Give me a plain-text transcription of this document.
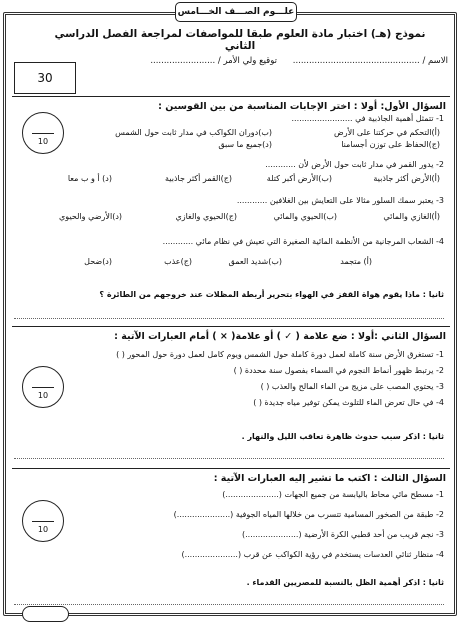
علـــوم الصـــف الخـــامس
نموذج (هـ) اختبار مادة العلوم طبقا للمواصفات لمراجعة الفصل الدراسي الثاني
الاسم / ...............................................
توقيع ولي الأمر / ........................
30
السؤال الأول: أولا : اختر الإجابات المناسبة من بين القوسين :
10
1- تتمثل أهمية الجاذبية في ........................
(أ)التحكم في حركتنا على الأرض
(ب)دوران الكواكب في مدار ثابت حول الشمس
(ج)الحفاظ على توزن أجسامنا
(د)جميع ما سبق
2- يدور القمر في مدار ثابت حول الأرض لأن ............
(أ)الأرض أكثر جاذبية
(ب)الأرض أكبر كتلة
(ج)القمر أكثر جاذبية
(د) أ و ب معا
3- يعتبر سمك السلور مثالا على التعايش بين الغلافين ............
(أ)الغازي والمائي
(ب)الحيوي والمائي
(ج)الحيوي والغازي
(د)الأرضي والحيوي
4- الشعاب المرجانية من الأنظمة المائية الصغيرة التي تعيش في نظام مائي ............
(أ) متجمد
(ب)شديد العمق
(ج)عذب
(د)ضحل
ثانيا : ماذا يقوم هواة القفز في الهواء بتحرير أربطة المظلات عند خروجهم من الطائرة ؟
السؤال الثاني :أولا : ضع علامة ( ✓ ) أو علامة( × ) أمام العبارات الآتية :
1- تستغرق الأرض سنة كاملة لعمل دورة كاملة حول الشمس ويوم كامل لعمل دورة حول المحور ( )
2- يرتبط ظهور أنماط النجوم في السماء بفصول سنة محددة ( )
3- يحتوي المصب على مزيج من الماء المالح والعذب ( )
4- في حال تعرض الماء للتلوث يمكن توفير مياه جديدة ( )
10
ثانيا : اذكر سبب حدوث ظاهرة تعاقب الليل والنهار .
السؤال الثالث : اكتب ما تشير إليه العبارات الآتية :
1- مسطح مائي محاط باليابسة من جميع الجهات (.....................)
2- طبقة من الصخور المسامية تتسرب من خلالها المياه الجوفية (.....................)
3- نجم قريب من أحد قطبي الكرة الأرضية (.....................)
4- منظار ثنائي العدسات يستخدم في رؤية الكواكب عن قرب (.....................)
10
ثانيا : اذكر أهمية الظل بالنسبة للمصريين القدماء .
